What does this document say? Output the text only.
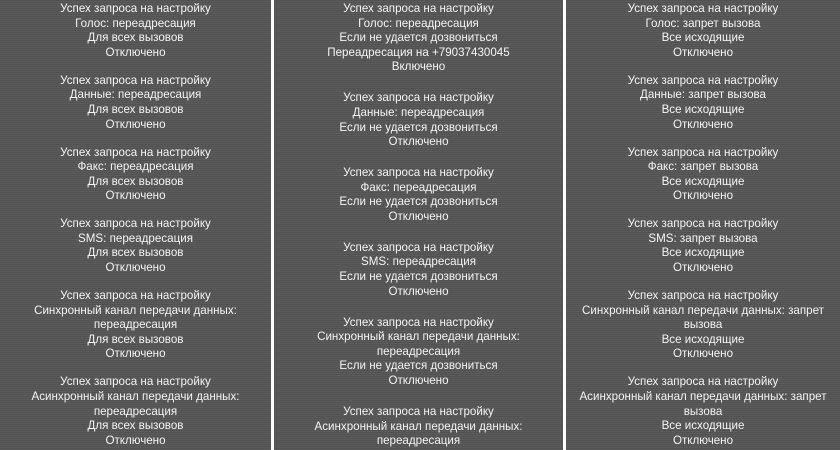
Успех запроса на настройку
Голос: переадресация
Для всех вызовов
Отключено
Успех запроса на настройку
Данные: переадресация
Для всех вызовов
Отключено
Успех запроса на настройку
Факс: переадресация
Для всех вызовов
Отключено
Успех запроса на настройку
SMS: переадресация
Для всех вызовов
Отключено
Успех запроса на настройку
Синхронный канал передачи данных:
переадресация
Для всех вызовов
Отключено
Успех запроса на настройку
Асинхронный канал передачи данных:
переадресация
Для всех вызовов
Отключено
Успех запроса на настройку
Голос: переадресация
Если не удается дозвониться
Переадресация на +79037430045
Включено
Успех запроса на настройку
Данные: переадресация
Если не удается дозвониться
Отключено
Успех запроса на настройку
Факс: переадресация
Если не удается дозвониться
Отключено
Успех запроса на настройку
SMS: переадресация
Если не удается дозвониться
Отключено
Успех запроса на настройку
Синхронный канал передачи данных:
переадресация
Если не удается дозвониться
Отключено
Успех запроса на настройку
Асинхронный канал передачи данных:
переадресация
Успех запроса на настройку
Голос: запрет вызова
Все исходящие
Отключено
Успех запроса на настройку
Данные: запрет вызова
Все исходящие
Отключено
Успех запроса на настройку
Факс: запрет вызова
Все исходящие
Отключено
Успех запроса на настройку
SMS: запрет вызова
Все исходящие
Отключено
Успех запроса на настройку
Синхронный канал передачи данных: запрет
вызова
Все исходящие
Отключено
Успех запроса на настройку
Асинхронный канал передачи данных: запрет
вызова
Все исходящие
Отключено
